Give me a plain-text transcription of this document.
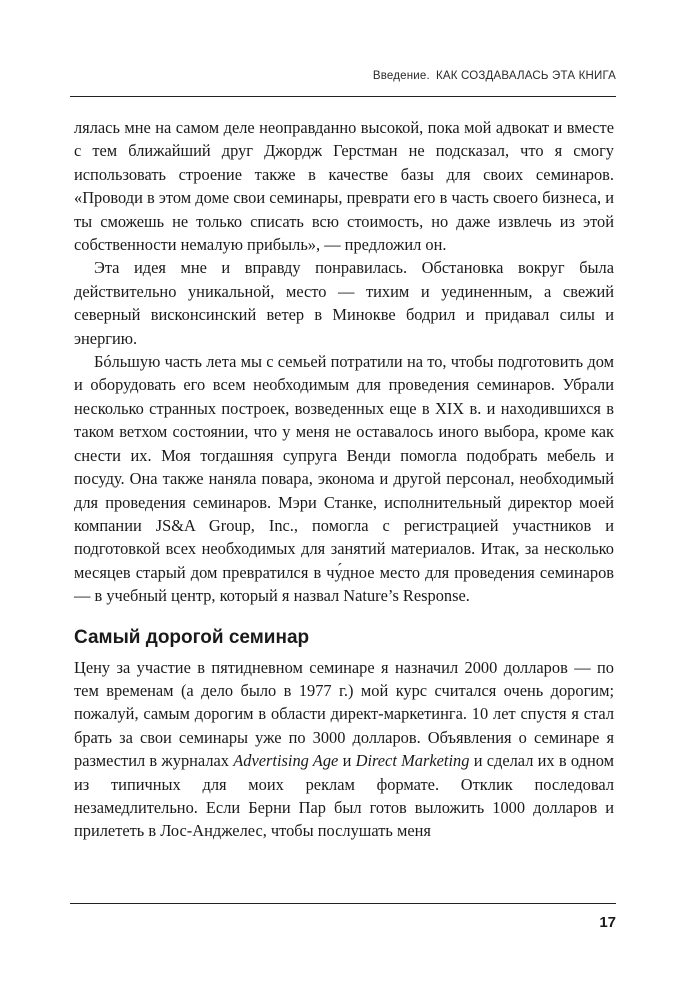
Введение. КАК СОЗДАВАЛАСЬ ЭТА КНИГА

лялась мне на самом деле неоправданно высокой, пока мой адвокат и вместе с тем ближайший друг Джордж Герстман не подсказал, что я смогу использовать строение также в качестве базы для своих семинаров. «Проводи в этом доме свои семинары, преврати его в часть своего бизнеса, и ты сможешь не только списать всю стоимость, но даже извлечь из этой собственности немалую прибыль», — предложил он.

Эта идея мне и вправду понравилась. Обстановка вокруг была действительно уникальной, место — тихим и уединенным, а свежий северный висконсинский ветер в Минокве бодрил и придавал силы и энергию.

Бóльшую часть лета мы с семьей потратили на то, чтобы подготовить дом и оборудовать его всем необходимым для проведения семинаров. Убрали несколько странных построек, возведенных еще в XIX в. и находившихся в таком ветхом состоянии, что у меня не оставалось иного выбора, кроме как снести их. Моя тогдашняя супруга Венди помогла подобрать мебель и посуду. Она также наняла повара, эконома и другой персонал, необходимый для проведения семинаров. Мэри Станке, исполнительный директор моей компании JS&A Group, Inc., помогла с регистрацией участников и подготовкой всех необходимых для занятий материалов. Итак, за несколько месяцев старый дом превратился в чу́дное место для проведения семинаров — в учебный центр, который я назвал Nature’s Response.

Самый дорогой семинар

Цену за участие в пятидневном семинаре я назначил 2000 долларов — по тем временам (а дело было в 1977 г.) мой курс считался очень дорогим; пожалуй, самым дорогим в области директ-маркетинга. 10 лет спустя я стал брать за свои семинары уже по 3000 долларов. Объявления о семинаре я разместил в журналах Advertising Age и Direct Marketing и сделал их в одном из типичных для моих реклам формате. Отклик последовал незамедлительно. Если Берни Пар был готов выложить 1000 долларов и прилететь в Лос-Анджелес, чтобы послушать меня

17
